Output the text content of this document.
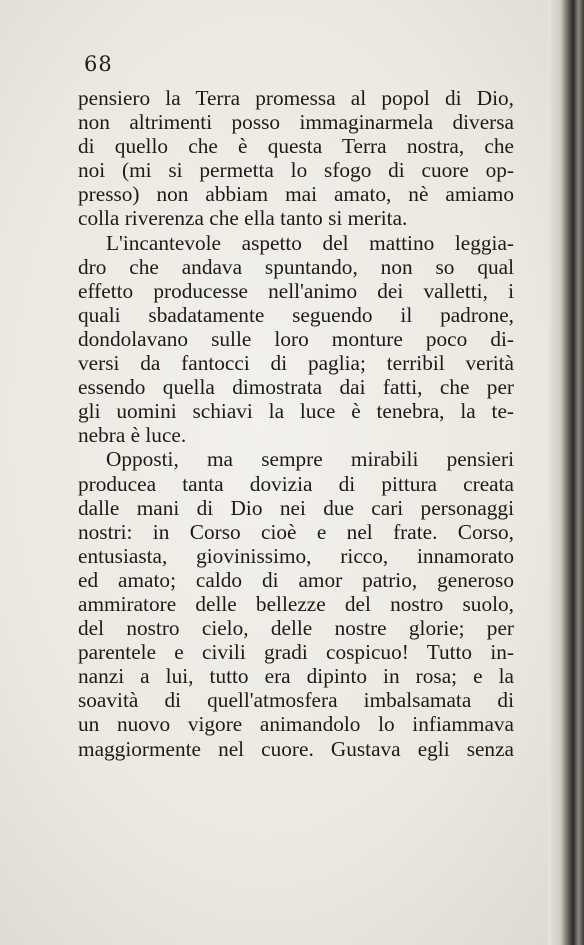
68
pensiero la Terra promessa al popol di Dio,
non altrimenti posso immaginarmela diversa
di quello che è questa Terra nostra, che
noi (mi si permetta lo sfogo di cuore op-
presso) non abbiam mai amato, nè amiamo
colla riverenza che ella tanto si merita.
L'incantevole aspetto del mattino leggia-
dro che andava spuntando, non so qual
effetto producesse nell'animo dei valletti, i
quali sbadatamente seguendo il padrone,
dondolavano sulle loro monture poco di-
versi da fantocci di paglia; terribil verità
essendo quella dimostrata dai fatti, che per
gli uomini schiavi la luce è tenebra, la te-
nebra è luce.
Opposti, ma sempre mirabili pensieri
producea tanta dovizia di pittura creata
dalle mani di Dio nei due cari personaggi
nostri: in Corso cioè e nel frate. Corso,
entusiasta, giovinissimo, ricco, innamorato
ed amato; caldo di amor patrio, generoso
ammiratore delle bellezze del nostro suolo,
del nostro cielo, delle nostre glorie; per
parentele e civili gradi cospicuo! Tutto in-
nanzi a lui, tutto era dipinto in rosa; e la
soavità di quell'atmosfera imbalsamata di
un nuovo vigore animandolo lo infiammava
maggiormente nel cuore. Gustava egli senza
